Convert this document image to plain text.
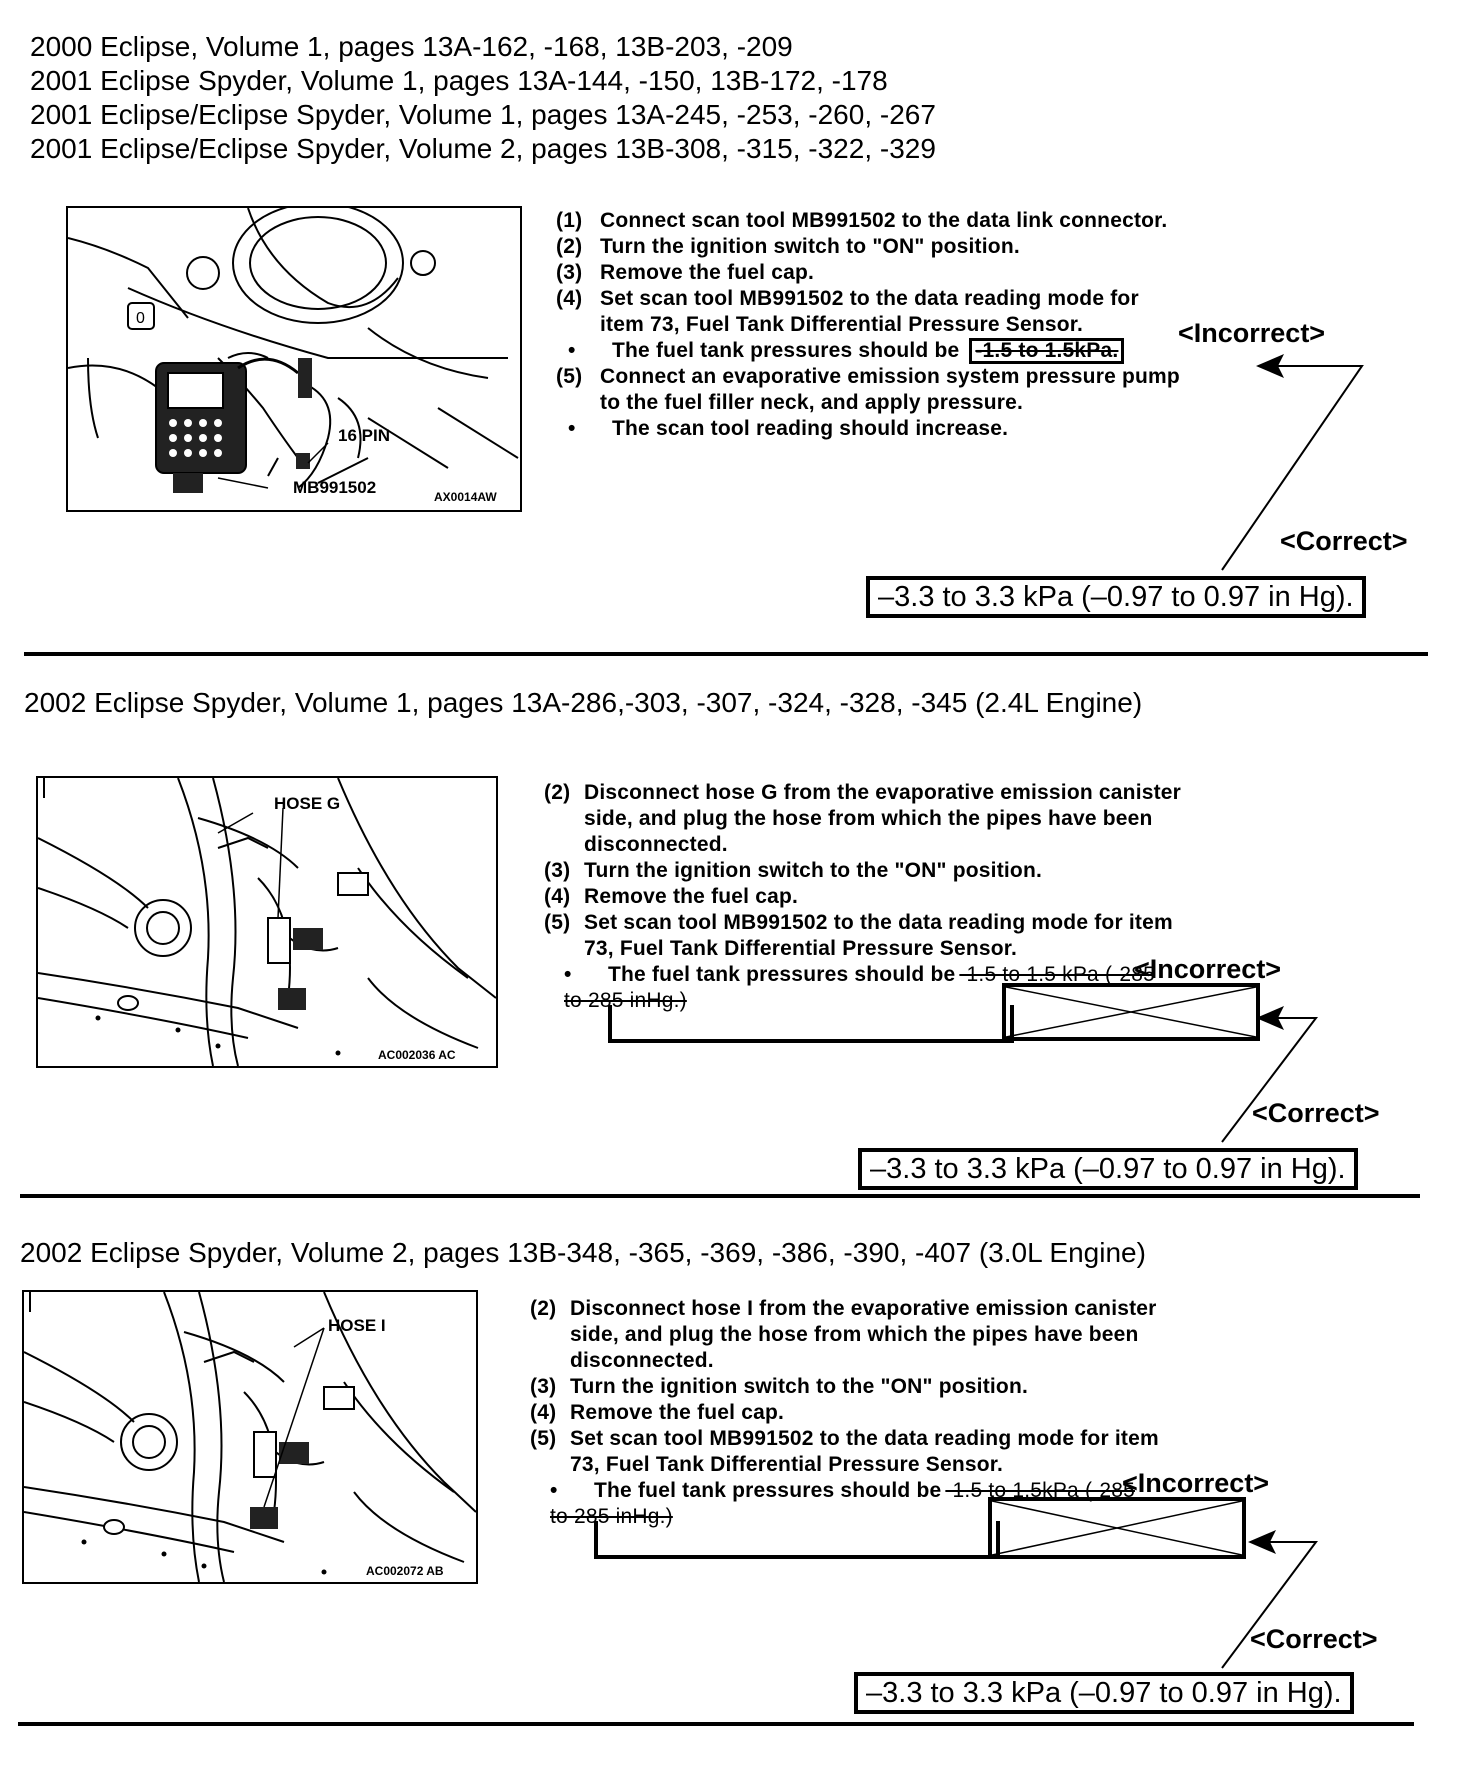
2000 Eclipse, Volume 1, pages 13A-162, -168, 13B-203, -209
2001 Eclipse Spyder, Volume 1, pages 13A-144, -150, 13B-172, -178
2001 Eclipse/Eclipse Spyder, Volume 1, pages 13A-245, -253, -260, -267
2001 Eclipse/Eclipse Spyder, Volume 2, pages 13B-308, -315, -322, -329
0
16 PIN
MB991502	AX0014AW
(1) Connect scan tool MB991502 to the data link connector.
(2) Turn the ignition switch to "ON" position.
(3) Remove the fuel cap.
(4) Set scan tool MB991502 to the data reading mode for
item 73, Fuel Tank Differential Pressure Sensor.
•	The fuel tank pressures should be -1.5 to 1.5kPa.
(5) Connect an evaporative emission system pressure pump
to the fuel filler neck, and apply pressure.
•	The scan tool reading should increase.
<Incorrect>
<Correct>
–3.3 to 3.3 kPa (–0.97 to 0.97 in Hg).
2002 Eclipse Spyder, Volume 1, pages 13A-286,-303, -307, -324, -328, -345 (2.4L Engine)
HOSE G
AC002036 AC
(2) Disconnect hose G from the evaporative emission canister
side, and plug the hose from which the pipes have been
disconnected.
(3) Turn the ignition switch to the "ON" position.
(4) Remove the fuel cap.
(5) Set scan tool MB991502 to the data reading mode for item
73, Fuel Tank Differential Pressure Sensor.
•	The fuel tank pressures should be -1.5 to 1.5 kPa (-285
to 285 inHg.)
<Incorrect>
<Correct>
–3.3 to 3.3 kPa (–0.97 to 0.97 in Hg).
2002 Eclipse Spyder, Volume 2, pages 13B-348, -365, -369, -386, -390, -407 (3.0L Engine)
HOSE I
AC002072 AB
(2) Disconnect hose I from the evaporative emission canister
side, and plug the hose from which the pipes have been
disconnected.
(3) Turn the ignition switch to the "ON" position.
(4) Remove the fuel cap.
(5) Set scan tool MB991502 to the data reading mode for item
73, Fuel Tank Differential Pressure Sensor.
•	The fuel tank pressures should be -1.5 to 1.5kPa (-285
to 285 inHg.)
<Incorrect>
<Correct>
–3.3 to 3.3 kPa (–0.97 to 0.97 in Hg).
